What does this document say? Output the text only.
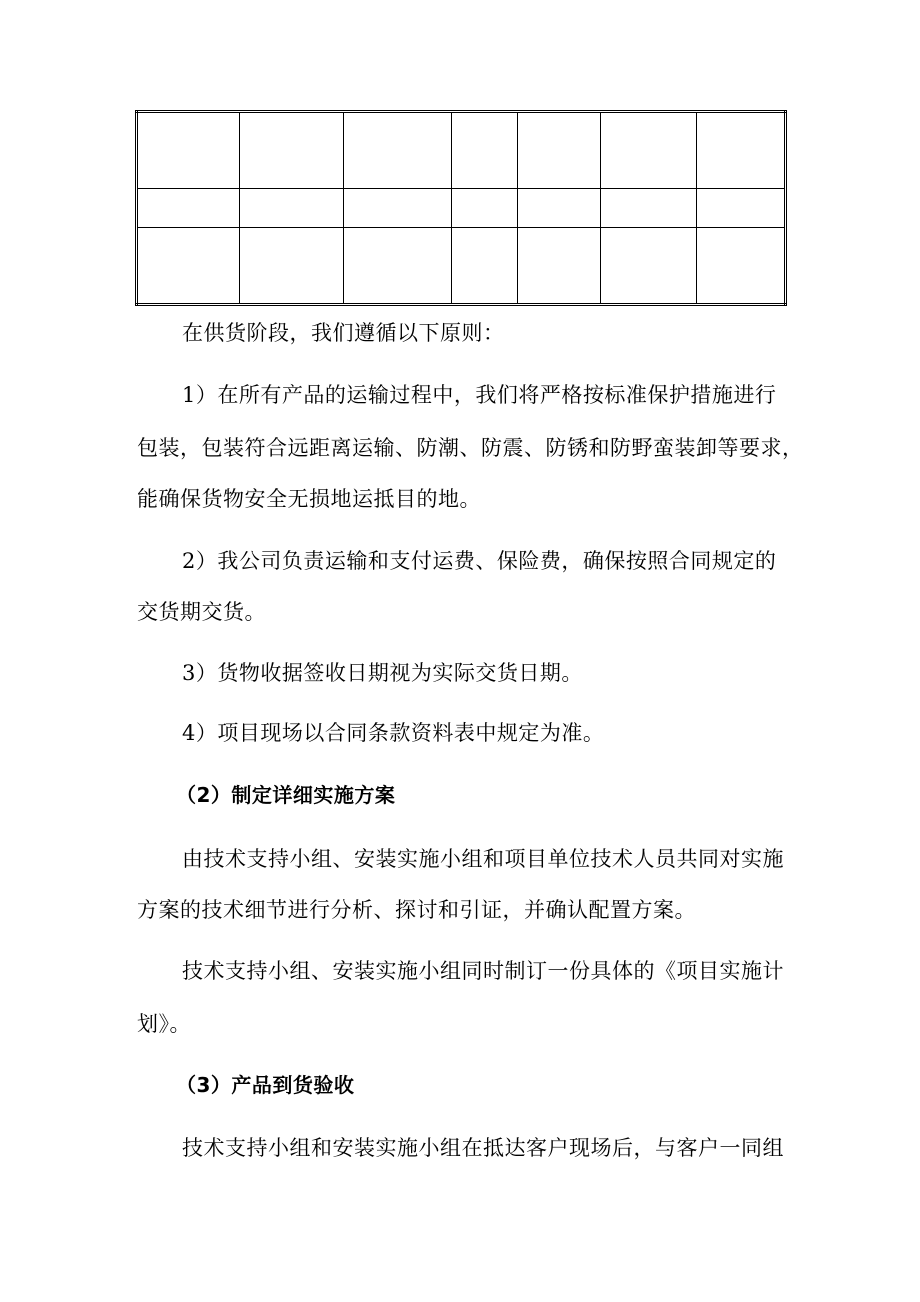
在供货阶段，我们遵循以下原则：
1）在所有产品的运输过程中，我们将严格按标准保护措施进行
包装，包装符合远距离运输、防潮、防震、防锈和防野蛮装卸等要求，
能确保货物安全无损地运抵目的地。
2）我公司负责运输和支付运费、保险费，确保按照合同规定的
交货期交货。
3）货物收据签收日期视为实际交货日期。
4）项目现场以合同条款资料表中规定为准。
（2）制定详细实施方案
由技术支持小组、安装实施小组和项目单位技术人员共同对实施
方案的技术细节进行分析、探讨和引证，并确认配置方案。
技术支持小组、安装实施小组同时制订一份具体的《项目实施计
划》。
（3）产品到货验收
技术支持小组和安装实施小组在抵达客户现场后，与客户一同组
